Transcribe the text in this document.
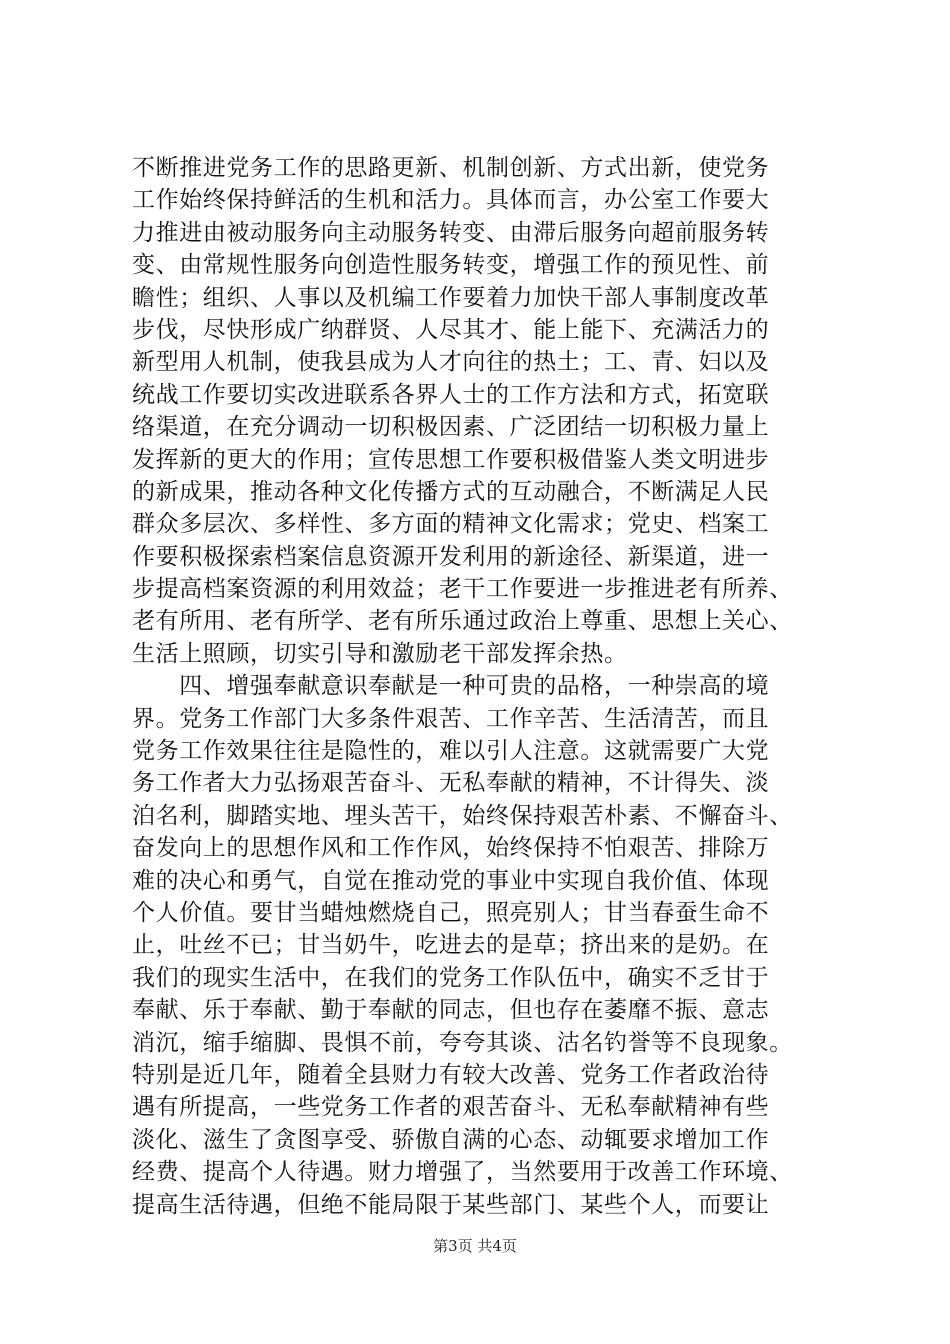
不断推进党务工作的思路更新、机制创新、方式出新，使党务
工作始终保持鲜活的生机和活力。具体而言，办公室工作要大
力推进由被动服务向主动服务转变、由滞后服务向超前服务转
变、由常规性服务向创造性服务转变，增强工作的预见性、前
瞻性；组织、人事以及机编工作要着力加快干部人事制度改革
步伐，尽快形成广纳群贤、人尽其才、能上能下、充满活力的
新型用人机制，使我县成为人才向往的热土；工、青、妇以及
统战工作要切实改进联系各界人士的工作方法和方式，拓宽联
络渠道，在充分调动一切积极因素、广泛团结一切积极力量上
发挥新的更大的作用；宣传思想工作要积极借鉴人类文明进步
的新成果，推动各种文化传播方式的互动融合，不断满足人民
群众多层次、多样性、多方面的精神文化需求；党史、档案工
作要积极探索档案信息资源开发利用的新途径、新渠道，进一
步提高档案资源的利用效益；老干工作要进一步推进老有所养、
老有所用、老有所学、老有所乐通过政治上尊重、思想上关心、
生活上照顾，切实引导和激励老干部发挥余热。
　　四、增强奉献意识奉献是一种可贵的品格，一种崇高的境
界。党务工作部门大多条件艰苦、工作辛苦、生活清苦，而且
党务工作效果往往是隐性的，难以引人注意。这就需要广大党
务工作者大力弘扬艰苦奋斗、无私奉献的精神，不计得失、淡
泊名利，脚踏实地、埋头苦干，始终保持艰苦朴素、不懈奋斗、
奋发向上的思想作风和工作作风，始终保持不怕艰苦、排除万
难的决心和勇气，自觉在推动党的事业中实现自我价值、体现
个人价值。要甘当蜡烛燃烧自己，照亮别人；甘当春蚕生命不
止，吐丝不已；甘当奶牛，吃进去的是草；挤出来的是奶。在
我们的现实生活中，在我们的党务工作队伍中，确实不乏甘于
奉献、乐于奉献、勤于奉献的同志，但也存在萎靡不振、意志
消沉，缩手缩脚、畏惧不前，夸夸其谈、沽名钓誉等不良现象。
特别是近几年，随着全县财力有较大改善、党务工作者政治待
遇有所提高，一些党务工作者的艰苦奋斗、无私奉献精神有些
淡化、滋生了贪图享受、骄傲自满的心态、动辄要求增加工作
经费、提高个人待遇。财力增强了，当然要用于改善工作环境、
提高生活待遇，但绝不能局限于某些部门、某些个人，而要让
第3页 共4页
